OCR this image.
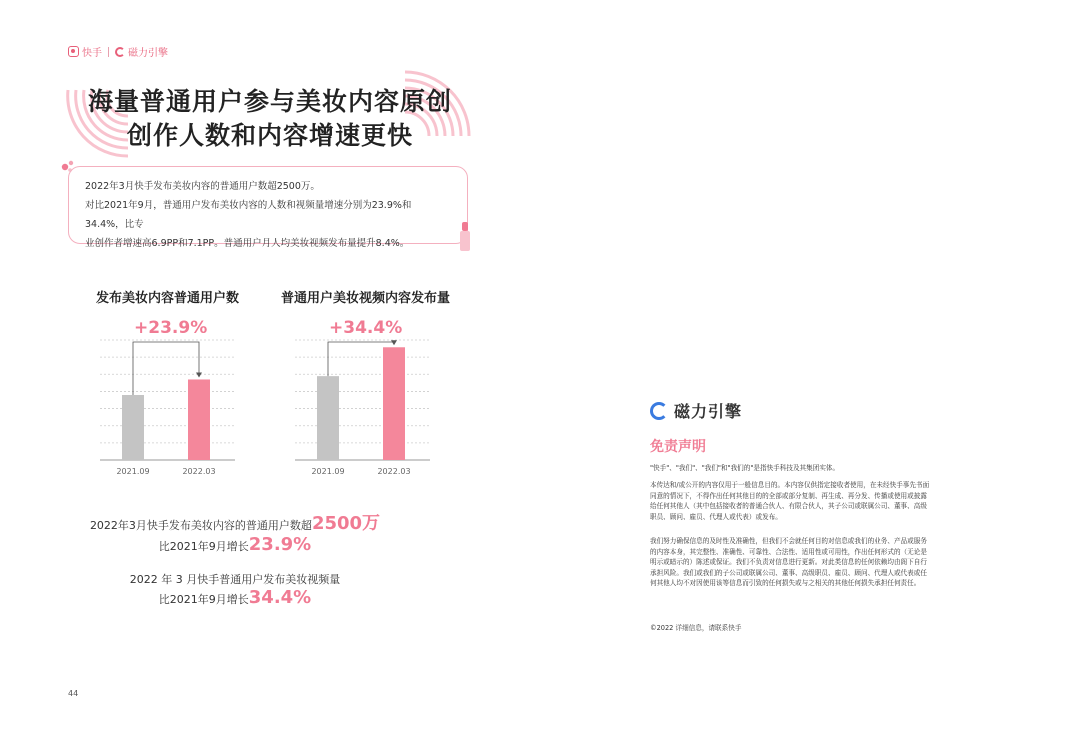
快手	磁力引擎
海量普通用户参与美妆内容原创
创作人数和内容增速更快
2022年3月快手发布美妆内容的普通用户数超2500万。
对比2021年9月，普通用户发布美妆内容的人数和视频量增速分别为23.9%和34.4%，比专
业创作者增速高6.9PP和7.1PP。普通用户月人均美妆视频发布量提升8.4%。
发布美妆内容普通用户数
+23.9%
2021.09	2022.03
普通用户美妆视频内容发布量
+34.4%
2021.09	2022.03
2022年3月快手发布美妆内容的普通用户数超2500万
比2021年9月增长23.9%
2022 年 3 月快手普通用户发布美妆视频量
比2021年9月增长34.4%
44
磁力引擎
免责声明
"快手"、"我们"、"我们"和"我们的"是指快手科技及其集团实体。
本传达和/或公开的内容仅用于一般信息目的。本内容仅供指定接收者使用，在未经快手事先书面同意的情况下，不得作出任何其他目的的全部或部分复制、再生成、再分发、传播或使用或披露给任何其他人（其中包括接收者的普通合伙人、有限合伙人，其子公司或联属公司、董事、高级职员、顾问、雇员、代理人或代表）或发布。
我们努力确保信息的及时性及准确性，但我们不会就任何目的对信息或我们的业务、产品或服务的内容本身，其完整性、准确性、可靠性、合法性、适用性或可用性，作出任何形式的（无论是明示或暗示的）陈述或保证。我们不负责对信息进行更新。对此类信息的任何依赖均由阁下自行承担风险。我们或我们的子公司或联属公司、董事、高级职员、雇员、顾问、代理人或代表或任何其他人均不对因使用该等信息而引致的任何损失或与之相关的其他任何损失承担任何责任。
©2022 详细信息，请联系快手
